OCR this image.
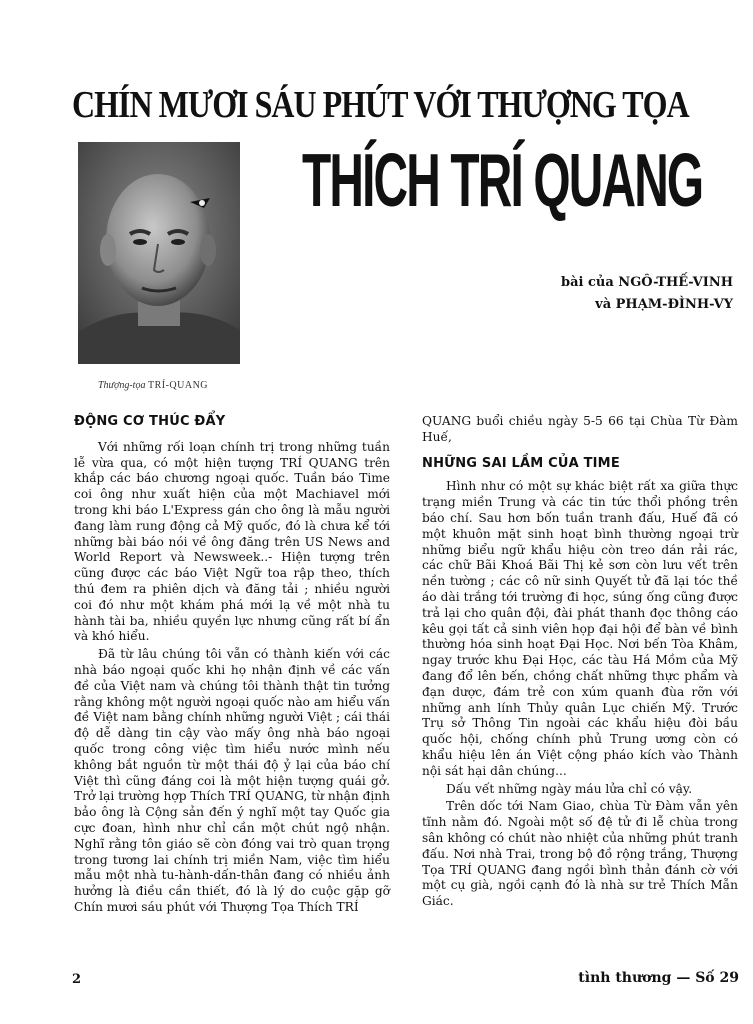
CHÍN MƯƠI SÁU PHÚT VỚI THƯỢNG TỌA
THÍCH TRÍ QUANG
Thượng-tọa TRÍ-QUANG
bài của NGÔ-THẾ-VINH
và PHẠM-ĐÌNH-VY
ĐỘNG CƠ THÚC ĐẨY

Với những rối loạn chính trị trong những tuần lễ vừa qua, có một hiện tượng TRÍ QUANG trên khắp các báo chương ngoại quốc. Tuần báo Time coi ông như xuất hiện của một Machiavel mới trong khi báo L'Express gán cho ông là mẫu người đang làm rung động cả Mỹ quốc, đó là chưa kể tới những bài báo nói về ông đăng trên US News and World Report và Newsweek..- Hiện tượng trên cũng được các báo Việt Ngữ toa rập theo, thích thú đem ra phiên dịch và đăng tải ; nhiều người coi đó như một khám phá mới lạ về một nhà tu hành tài ba, nhiều quyền lực nhưng cũng rất bí ẩn và khó hiểu.

Đã từ lâu chúng tôi vẫn có thành kiến với các nhà báo ngoại quốc khi họ nhận định về các vấn đề của Việt nam và chúng tôi thành thật tin tưởng rằng không một người ngoại quốc nào am hiểu vấn đề Việt nam bằng chính những người Việt ; cái thái độ dễ dàng tin cậy vào mấy ông nhà báo ngoại quốc trong công việc tìm hiểu nước mình nếu không bắt nguồn từ một thái độ ỷ lại của báo chí Việt thì cũng đáng coi là một hiện tượng quái gở. Trở lại trường hợp Thích TRÍ QUANG, từ nhận định bảo ông là Cộng sản đến ý nghĩ một tay Quốc gia cực đoan, hình như chỉ cần một chút ngộ nhận. Nghĩ rằng tôn giáo sẽ còn đóng vai trò quan trọng trong tương lai chính trị miền Nam, việc tìm hiểu mẫu một nhà tu-hành-dấn-thân đang có nhiều ảnh hưởng là điều cần thiết, đó là lý do cuộc gặp gỡ Chín mươi sáu phút với Thượng Tọa Thích TRÍ

QUANG buổi chiều ngày 5-5 66 tại Chùa Từ Đàm Huế,

NHỮNG SAI LẦM CỦA TIME

Hình như có một sự khác biệt rất xa giữa thực trạng miền Trung và các tin tức thổi phồng trên báo chí. Sau hơn bốn tuần tranh đấu, Huế đã có một khuôn mặt sinh hoạt bình thường ngoại trừ những biểu ngữ khẩu hiệu còn treo dán rải rác, các chữ Bãi Khoá Bãi Thị kẻ sơn còn lưu vết trên nền tường ; các cô nữ sinh Quyết tử đã lại tóc thề áo dài trắng tới trường đi học, súng ống cũng được trả lại cho quân đội, đài phát thanh đọc thông cáo kêu gọi tất cả sinh viên họp đại hội để bàn về bình thường hóa sinh hoạt Đại Học. Nơi bến Tòa Khâm, ngay trước khu Đại Học, các tàu Há Mồm của Mỹ đang đổ lên bến, chồng chất những thực phẩm và đạn dược, đám trẻ con xúm quanh đùa rỡn với những anh lính Thủy quân Lục chiến Mỹ. Trước Trụ sở Thông Tin ngoài các khẩu hiệu đòi bầu quốc hội, chống chính phủ Trung ương còn có khẩu hiệu lên án Việt cộng pháo kích vào Thành nội sát hại dân chúng...

Dấu vết những ngày máu lửa chỉ có vậy.

Trên dốc tới Nam Giao, chùa Từ Đàm vẫn yên tĩnh nằm đó. Ngoài một số đệ tử đi lễ chùa trong sân không có chút nào nhiệt của những phút tranh đấu. Nơi nhà Trai, trong bộ đồ rộng trắng, Thượng Tọa TRÍ QUANG đang ngồi bình thản đánh cờ với một cụ già, ngồi cạnh đó là nhà sư trẻ Thích Mẫn Giác.

2	tình thương — Số 29
